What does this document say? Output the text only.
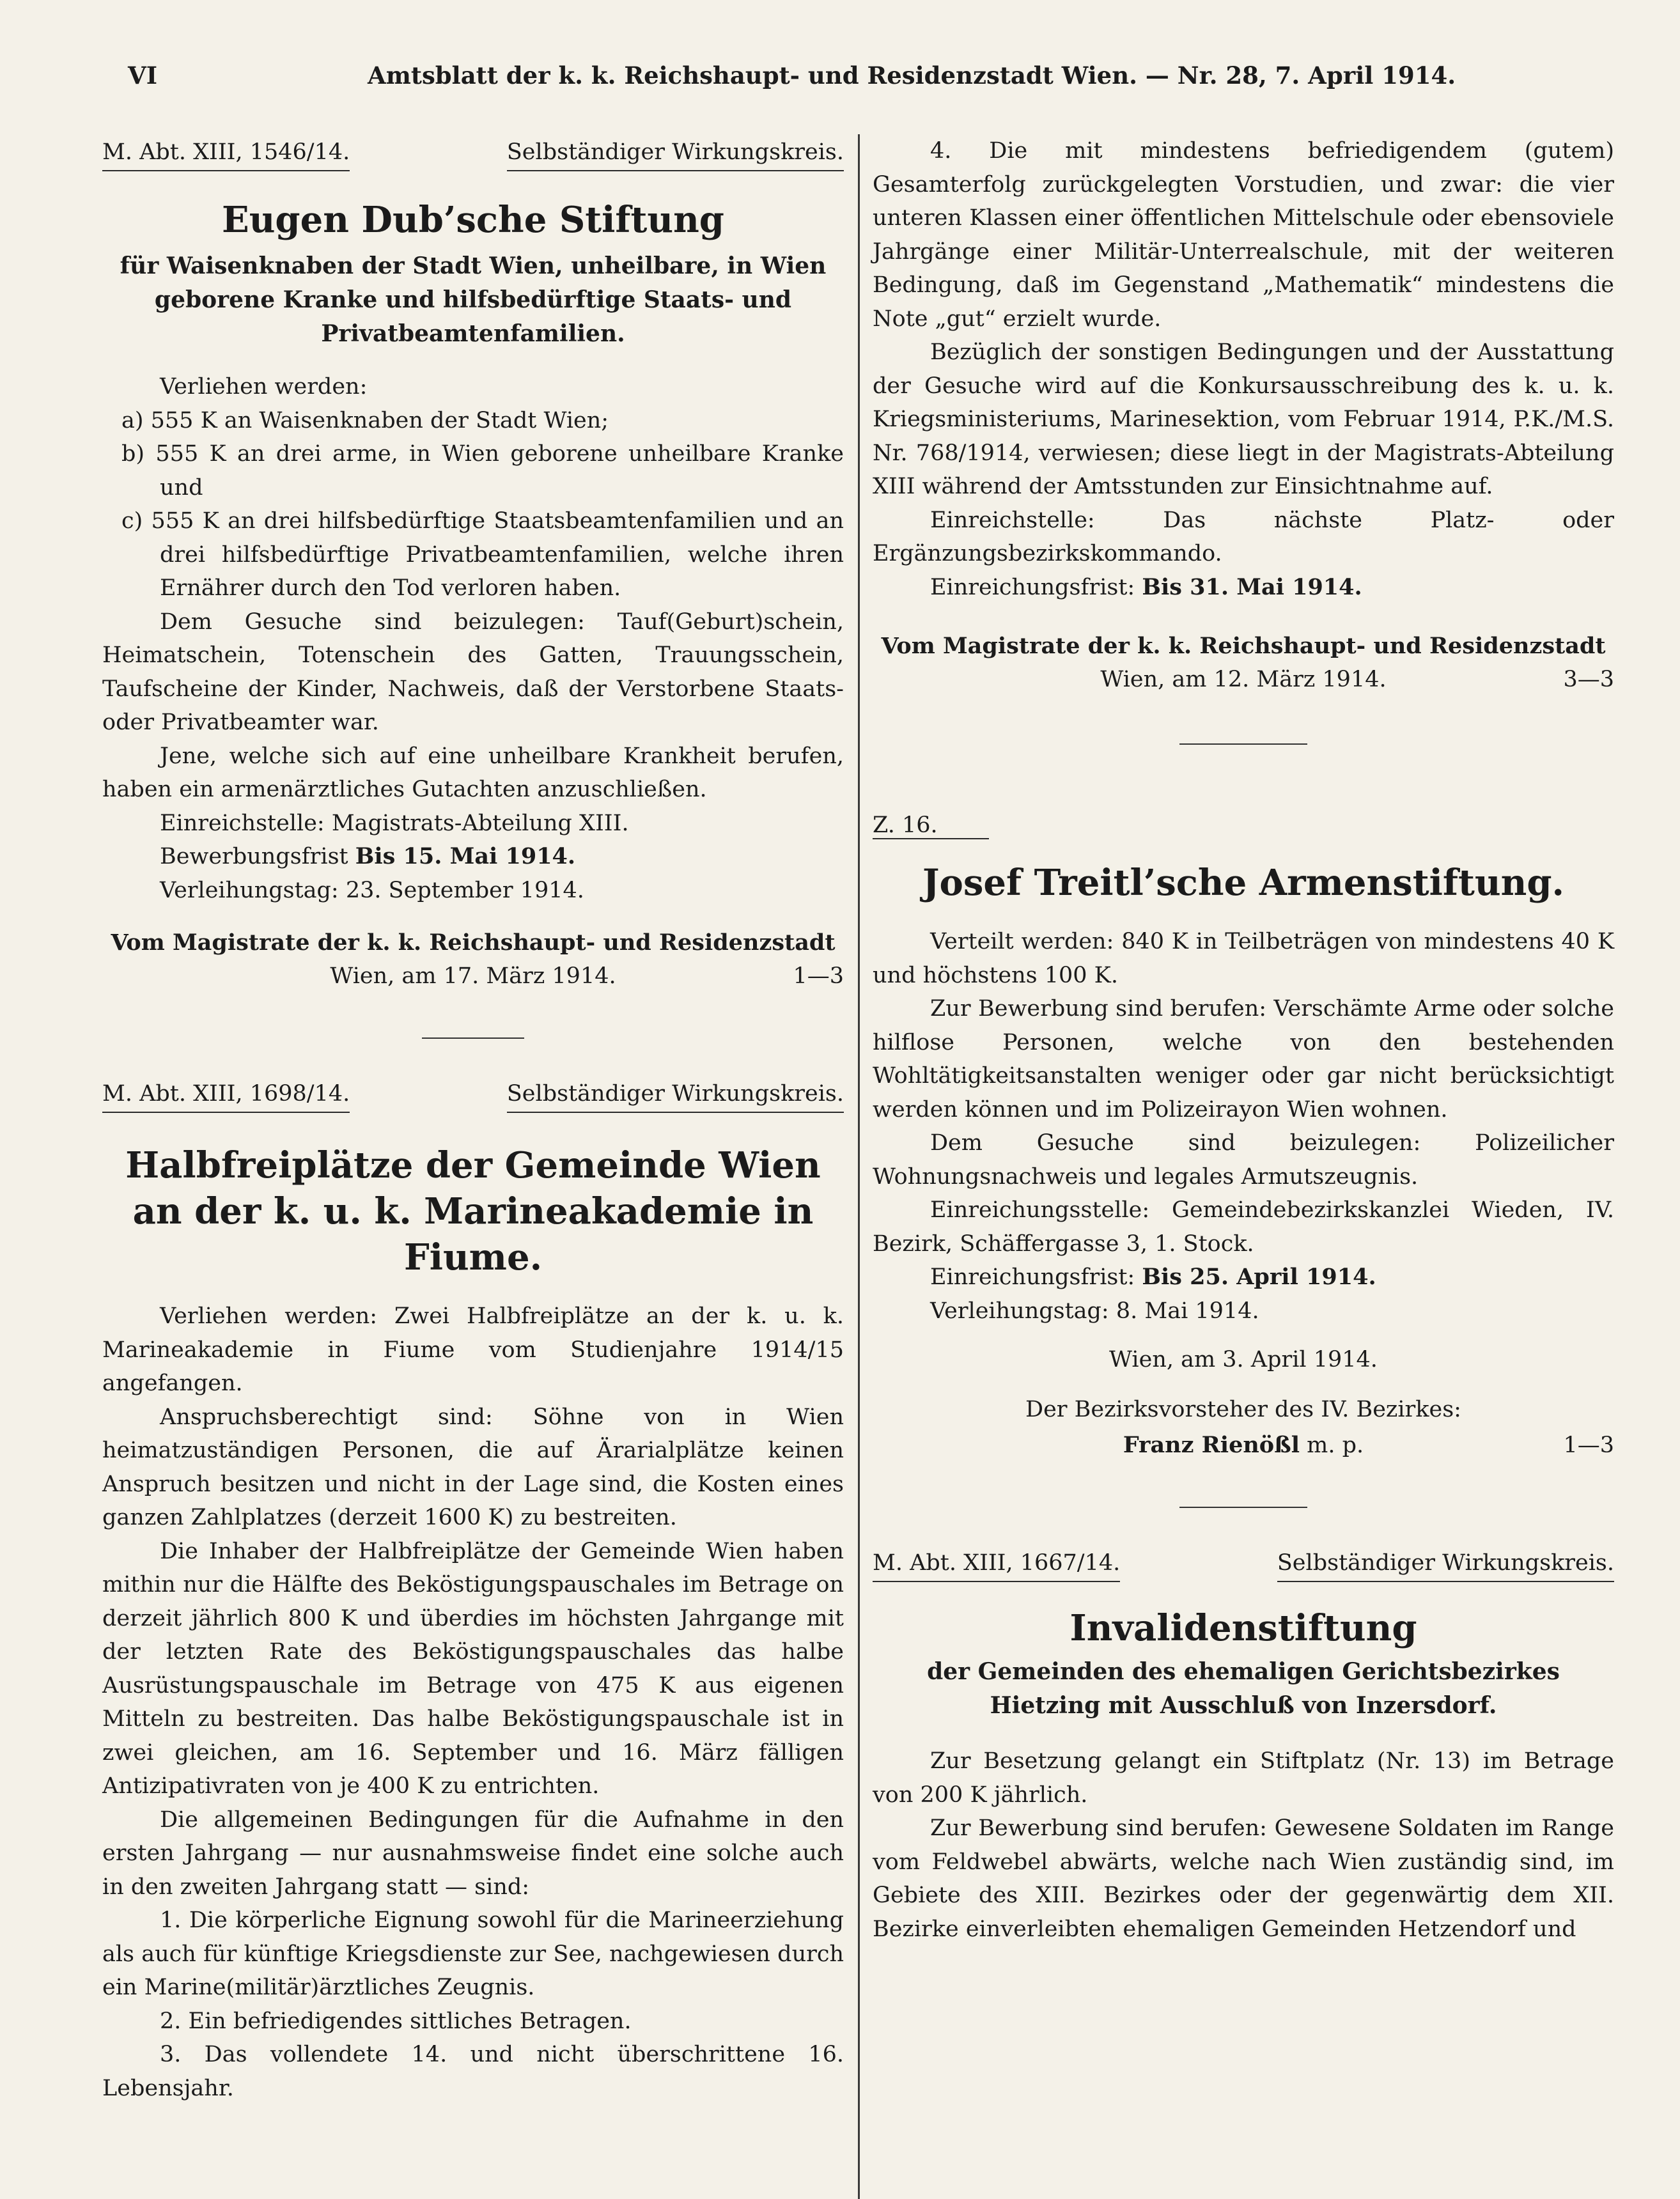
VI	Amtsblatt der k. k. Reichshaupt- und Residenzstadt Wien. — Nr. 28, 7. April 1914.
M. Abt. XIII, 1546/14.	Selbständiger Wirkungskreis.
Eugen Dub’sche Stiftung
für Waisenknaben der Stadt Wien, unheilbare, in Wien geborene Kranke und hilfsbedürftige Staats- und Privatbeamtenfamilien.

Verliehen werden:

a) 555 K an Waisenknaben der Stadt Wien;

b) 555 K an drei arme, in Wien geborene unheilbare Kranke und

c) 555 K an drei hilfsbedürftige Staatsbeamtenfamilien und an drei hilfsbedürftige Privatbeamtenfamilien, welche ihren Ernährer durch den Tod verloren haben.

Dem Gesuche sind beizulegen: Tauf(Geburt)schein, Heimatschein, Totenschein des Gatten, Trauungsschein, Taufscheine der Kinder, Nachweis, daß der Verstorbene Staats- oder Privatbeamter war.

Jene, welche sich auf eine unheilbare Krankheit berufen, haben ein armenärztliches Gutachten anzuschließen.

Einreichstelle: Magistrats-Abteilung XIII.

Bewerbungsfrist Bis 15. Mai 1914.

Verleihungstag: 23. September 1914.

Vom Magistrate der k. k. Reichshaupt- und Residenzstadt
Wien, am 17. März 1914.	1—3
M. Abt. XIII, 1698/14.	Selbständiger Wirkungskreis.
Halbfreiplätze der Gemeinde Wien an der k. u. k. Marineakademie in Fiume.

Verliehen werden: Zwei Halbfreiplätze an der k. u. k. Marineakademie in Fiume vom Studienjahre 1914/15 angefangen.

Anspruchsberechtigt sind: Söhne von in Wien heimatzuständigen Personen, die auf Ärarialplätze keinen Anspruch besitzen und nicht in der Lage sind, die Kosten eines ganzen Zahlplatzes (derzeit 1600 K) zu bestreiten.

Die Inhaber der Halbfreiplätze der Gemeinde Wien haben mithin nur die Hälfte des Beköstigungspauschales im Betrage on derzeit jährlich 800 K und überdies im höchsten Jahrgange mit der letzten Rate des Beköstigungspauschales das halbe Ausrüstungspauschale im Betrage von 475 K aus eigenen Mitteln zu bestreiten. Das halbe Beköstigungspauschale ist in zwei gleichen, am 16. September und 16. März fälligen Antizipativraten von je 400 K zu entrichten.

Die allgemeinen Bedingungen für die Aufnahme in den ersten Jahrgang — nur ausnahmsweise findet eine solche auch in den zweiten Jahrgang statt — sind:

1. Die körperliche Eignung sowohl für die Marineerziehung als auch für künftige Kriegsdienste zur See, nachgewiesen durch ein Marine(militär)ärztliches Zeugnis.

2. Ein befriedigendes sittliches Betragen.

3. Das vollendete 14. und nicht überschrittene 16. Lebensjahr.

4. Die mit mindestens befriedigendem (gutem) Gesamterfolg zurückgelegten Vorstudien, und zwar: die vier unteren Klassen einer öffentlichen Mittelschule oder ebensoviele Jahrgänge einer Militär-Unterrealschule, mit der weiteren Bedingung, daß im Gegenstand „Mathematik“ mindestens die Note „gut“ erzielt wurde.

Bezüglich der sonstigen Bedingungen und der Ausstattung der Gesuche wird auf die Konkursausschreibung des k. u. k. Kriegsministeriums, Marinesektion, vom Februar 1914, P.K./M.S. Nr. 768/1914, verwiesen; diese liegt in der Magistrats-Abteilung XIII während der Amtsstunden zur Einsichtnahme auf.

Einreichstelle: Das nächste Platz- oder Ergänzungsbezirkskommando.

Einreichungsfrist: Bis 31. Mai 1914.

Vom Magistrate der k. k. Reichshaupt- und Residenzstadt
Wien, am 12. März 1914.	3—3
Z. 16.
Josef Treitl’sche Armenstiftung.

Verteilt werden: 840 K in Teilbeträgen von mindestens 40 K und höchstens 100 K.

Zur Bewerbung sind berufen: Verschämte Arme oder solche hilflose Personen, welche von den bestehenden Wohltätigkeitsanstalten weniger oder gar nicht berücksichtigt werden können und im Polizeirayon Wien wohnen.

Dem Gesuche sind beizulegen: Polizeilicher Wohnungsnachweis und legales Armutszeugnis.

Einreichungsstelle: Gemeindebezirkskanzlei Wieden, IV. Bezirk, Schäffergasse 3, 1. Stock.

Einreichungsfrist: Bis 25. April 1914.

Verleihungstag: 8. Mai 1914.

Wien, am 3. April 1914.
Der Bezirksvorsteher des IV. Bezirkes:
Franz Rienößl m. p.	1—3
M. Abt. XIII, 1667/14.	Selbständiger Wirkungskreis.
Invalidenstiftung
der Gemeinden des ehemaligen Gerichtsbezirkes Hietzing mit Ausschluß von Inzersdorf.

Zur Besetzung gelangt ein Stiftplatz (Nr. 13) im Betrage von 200 K jährlich.

Zur Bewerbung sind berufen: Gewesene Soldaten im Range vom Feldwebel abwärts, welche nach Wien zuständig sind, im Gebiete des XIII. Bezirkes oder der gegenwärtig dem XII. Bezirke einverleibten ehemaligen Gemeinden Hetzendorf und
